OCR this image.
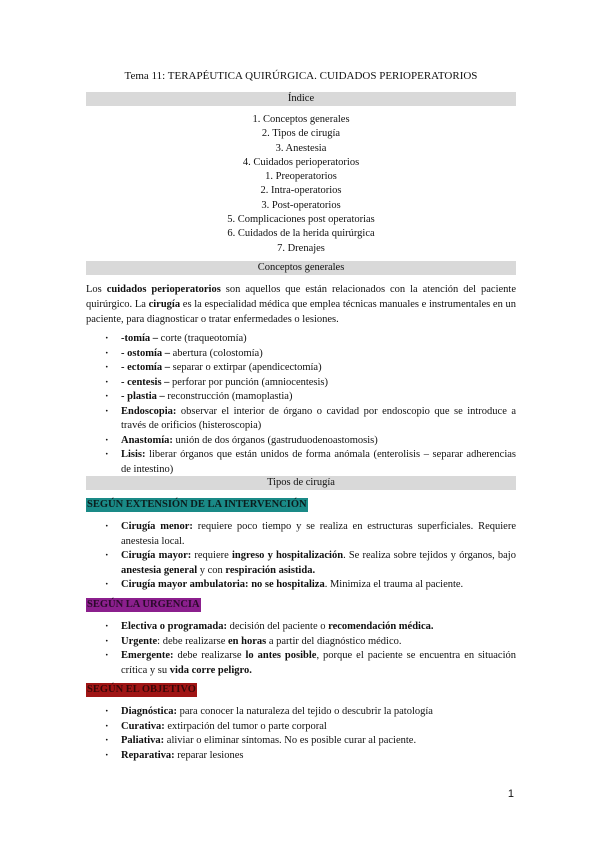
Tema 11: TERAPÉUTICA QUIRÚRGICA. CUIDADOS PERIOPERATORIOS
Índice
1. Conceptos generales
2. Tipos de cirugía
3. Anestesia
4. Cuidados perioperatorios
1. Preoperatorios
2. Intra-operatorios
3. Post-operatorios
5. Complicaciones post operatorias
6. Cuidados de la herida quirúrgica
7. Drenajes
Conceptos generales
Los cuidados perioperatorios son aquellos que están relacionados con la atención del paciente quirúrgico. La cirugía es la especialidad médica que emplea técnicas manuales e instrumentales en un paciente, para diagnosticar o tratar enfermedades o lesiones.
· -tomía – corte (traqueotomía)
· - ostomía – abertura (colostomía)
· - ectomía – separar o extirpar (apendicectomía)
· - centesis – perforar por punción (amniocentesis)
· - plastia – reconstrucción (mamoplastia)
· Endoscopia: observar el interior de órgano o cavidad por endoscopio que se introduce a través de orificios (histeroscopia)
· Anastomía: unión de dos órganos (gastruduodenoastomosis)
· Lisis: liberar órganos que están unidos de forma anómala (enterolisis – separar adherencias de intestino)
Tipos de cirugía
SEGÚN EXTENSIÓN DE LA INTERVENCIÓN
· Cirugía menor: requiere poco tiempo y se realiza en estructuras superficiales. Requiere anestesia local.
· Cirugía mayor: requiere ingreso y hospitalización. Se realiza sobre tejidos y órganos, bajo anestesia general y con respiración asistida.
· Cirugía mayor ambulatoria: no se hospitaliza. Minimiza el trauma al paciente.
SEGÚN LA URGENCIA
· Electiva o programada: decisión del paciente o recomendación médica.
· Urgente: debe realizarse en horas a partir del diagnóstico médico.
· Emergente: debe realizarse lo antes posible, porque el paciente se encuentra en situación crítica y su vida corre peligro.
SEGÚN EL OBJETIVO
· Diagnóstica: para conocer la naturaleza del tejido o descubrir la patología
· Curativa: extirpación del tumor o parte corporal
· Paliativa: aliviar o eliminar síntomas. No es posible curar al paciente.
· Reparativa: reparar lesiones
1
